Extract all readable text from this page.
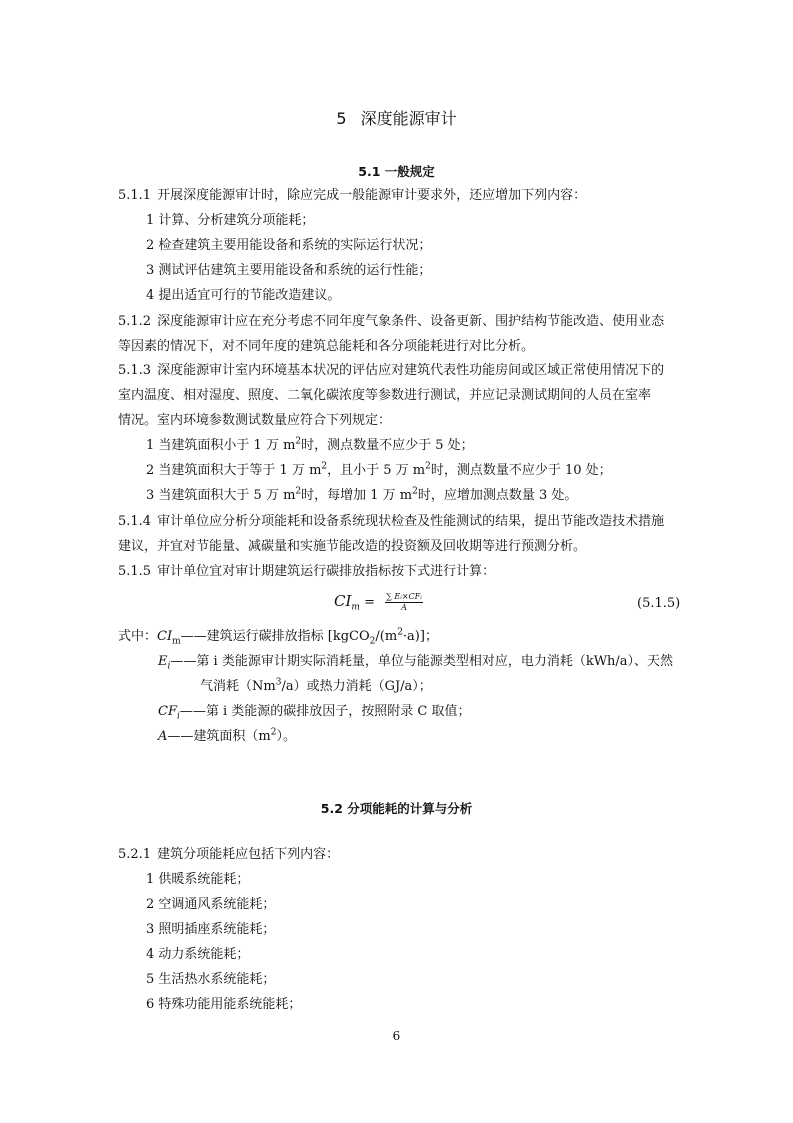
5 深度能源审计
5.1 一般规定
5.1.1 开展深度能源审计时，除应完成一般能源审计要求外，还应增加下列内容：
1 计算、分析建筑分项能耗；
2 检查建筑主要用能设备和系统的实际运行状况；
3 测试评估建筑主要用能设备和系统的运行性能；
4 提出适宜可行的节能改造建议。
5.1.2 深度能源审计应在充分考虑不同年度气象条件、设备更新、围护结构节能改造、使用业态
等因素的情况下，对不同年度的建筑总能耗和各分项能耗进行对比分析。
5.1.3 深度能源审计室内环境基本状况的评估应对建筑代表性功能房间或区域正常使用情况下的
室内温度、相对湿度、照度、二氧化碳浓度等参数进行测试，并应记录测试期间的人员在室率
情况。室内环境参数测试数量应符合下列规定：
1 当建筑面积小于 1 万 $m^2$时，测点数量不应少于 5 处；
2 当建筑面积大于等于 1 万 $m^2$，且小于 5 万 $m^2$时，测点数量不应少于 10 处；
3 当建筑面积大于 5 万 $m^2$时，每增加 1 万 $m^2$时，应增加测点数量 3 处。
5.1.4 审计单位应分析分项能耗和设备系统现状检查及性能测试的结果，提出节能改造技术措施
建议，并宜对节能量、减碳量和实施节能改造的投资额及回收期等进行预测分析。
5.1.5 审计单位宜对审计期建筑运行碳排放指标按下式进行计算：
$CI_m = \frac{\text{∑ Eᵢ×CFᵢ}}{A}$	(5.1.5)
式中：$CI_m——$建筑运行碳排放指标 $[kgCO_2/(m^2\cdot a)]$；
$E_i——$第 i 类能源审计期实际消耗量，单位与能源类型相对应，电力消耗（kWh/a）、天然
气消耗（Nm$^3$/a）或热力消耗（GJ/a）；
$CF_i——$第 i 类能源的碳排放因子，按照附录 C 取值；
A——建筑面积$(m^2)$。
5.2 分项能耗的计算与分析
5.2.1 建筑分项能耗应包括下列内容：
1 供暖系统能耗；
2 空调通风系统能耗；
3 照明插座系统能耗；
4 动力系统能耗；
5 生活热水系统能耗；
6 特殊功能用能系统能耗；
6
